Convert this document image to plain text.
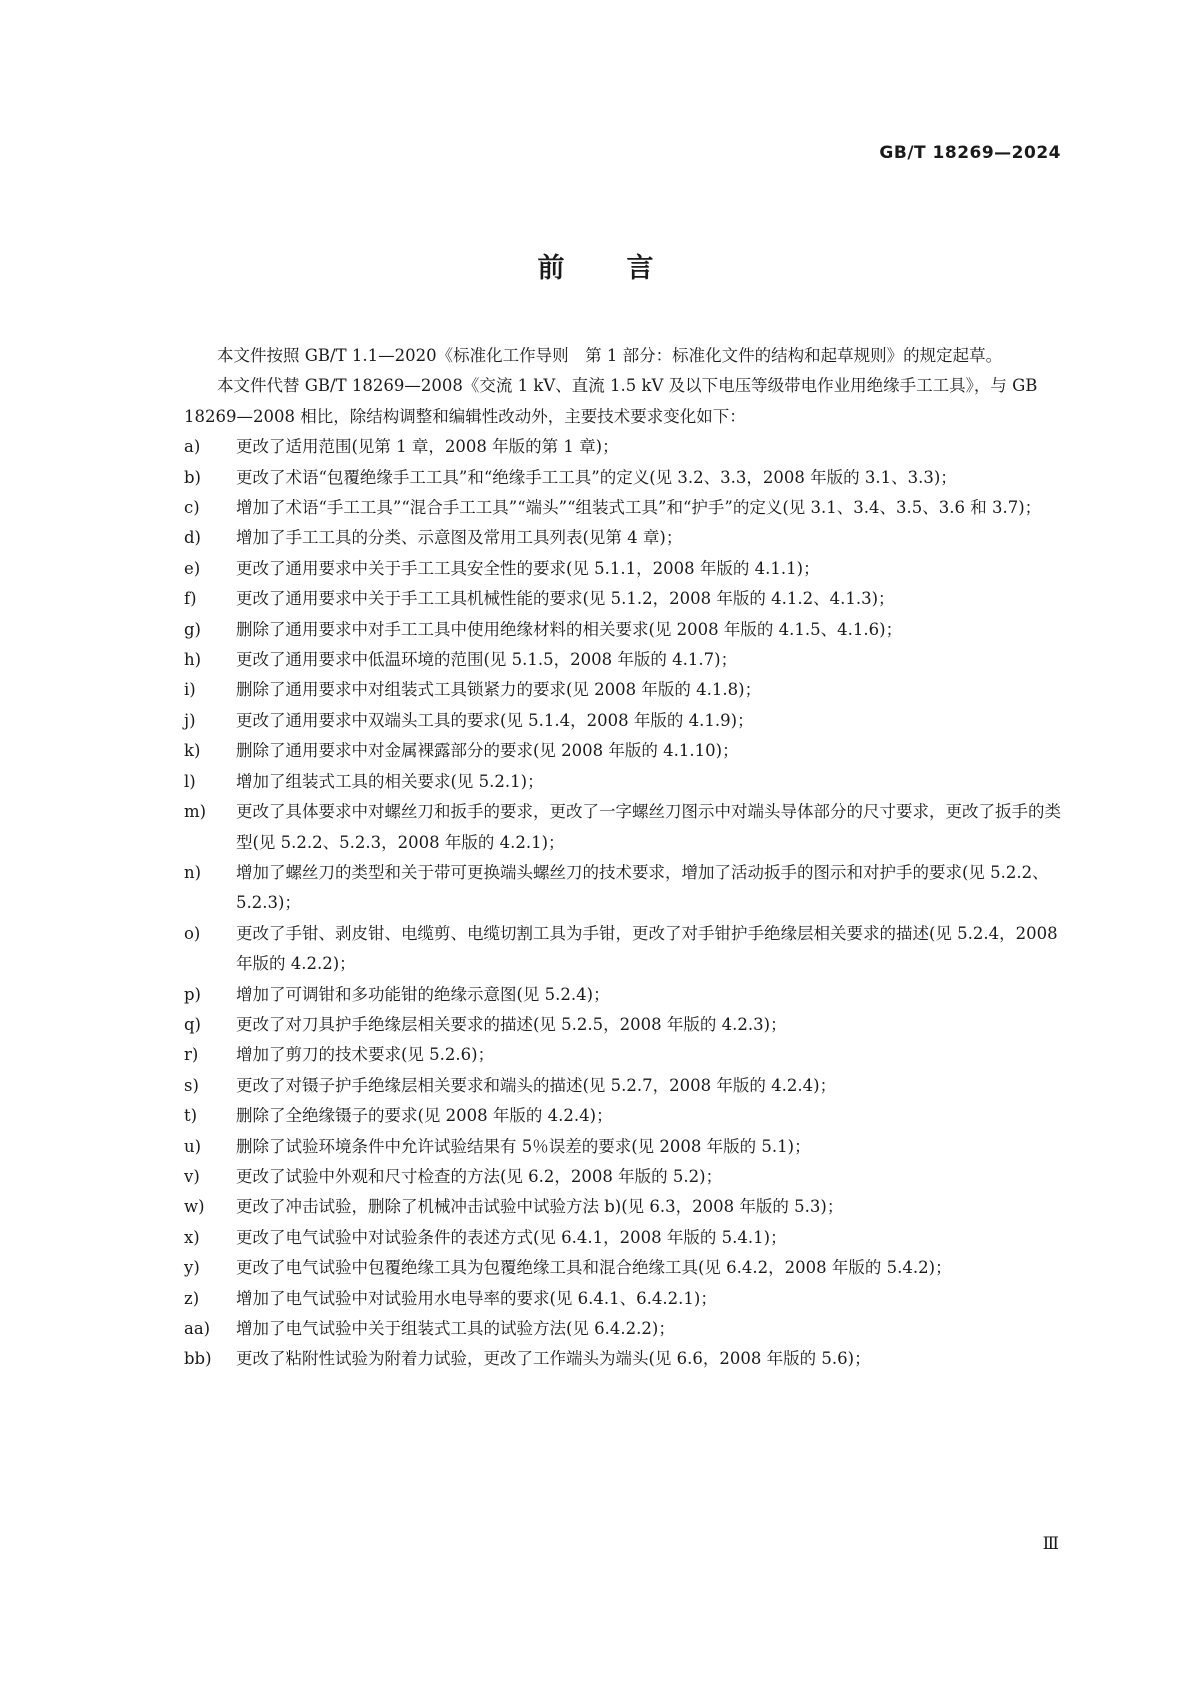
GB/T 18269—2024
前 言

本文件按照 GB/T 1.1—2020《标准化工作导则　第 1 部分：标准化文件的结构和起草规则》的规定起草。

本文件代替 GB/T 18269—2008《交流 1 kV、直流 1.5 kV 及以下电压等级带电作业用绝缘手工工具》，与 GB 18269—2008 相比，除结构调整和编辑性改动外，主要技术要求变化如下：

a) 更改了适用范围(见第 1 章，2008 年版的第 1 章)；
b) 更改了术语“包覆绝缘手工工具”和“绝缘手工工具”的定义(见 3.2、3.3，2008 年版的 3.1、3.3)；
c) 增加了术语“手工工具”“混合手工工具”“端头”“组装式工具”和“护手”的定义(见 3.1、3.4、3.5、3.6 和 3.7)；
d) 增加了手工工具的分类、示意图及常用工具列表(见第 4 章)；
e) 更改了通用要求中关于手工工具安全性的要求(见 5.1.1，2008 年版的 4.1.1)；
f) 更改了通用要求中关于手工工具机械性能的要求(见 5.1.2，2008 年版的 4.1.2、4.1.3)；
g) 删除了通用要求中对手工工具中使用绝缘材料的相关要求(见 2008 年版的 4.1.5、4.1.6)；
h) 更改了通用要求中低温环境的范围(见 5.1.5，2008 年版的 4.1.7)；
i) 删除了通用要求中对组装式工具锁紧力的要求(见 2008 年版的 4.1.8)；
j) 更改了通用要求中双端头工具的要求(见 5.1.4，2008 年版的 4.1.9)；
k) 删除了通用要求中对金属裸露部分的要求(见 2008 年版的 4.1.10)；
l) 增加了组装式工具的相关要求(见 5.2.1)；
m) 更改了具体要求中对螺丝刀和扳手的要求，更改了一字螺丝刀图示中对端头导体部分的尺寸要求，更改了扳手的类型(见 5.2.2、5.2.3，2008 年版的 4.2.1)；
n) 增加了螺丝刀的类型和关于带可更换端头螺丝刀的技术要求，增加了活动扳手的图示和对护手的要求(见 5.2.2、5.2.3)；
o) 更改了手钳、剥皮钳、电缆剪、电缆切割工具为手钳，更改了对手钳护手绝缘层相关要求的描述(见 5.2.4，2008 年版的 4.2.2)；
p) 增加了可调钳和多功能钳的绝缘示意图(见 5.2.4)；
q) 更改了对刀具护手绝缘层相关要求的描述(见 5.2.5，2008 年版的 4.2.3)；
r) 增加了剪刀的技术要求(见 5.2.6)；
s) 更改了对镊子护手绝缘层相关要求和端头的描述(见 5.2.7，2008 年版的 4.2.4)；
t) 删除了全绝缘镊子的要求(见 2008 年版的 4.2.4)；
u) 删除了试验环境条件中允许试验结果有 5％误差的要求(见 2008 年版的 5.1)；
v) 更改了试验中外观和尺寸检查的方法(见 6.2，2008 年版的 5.2)；
w) 更改了冲击试验，删除了机械冲击试验中试验方法 b)(见 6.3，2008 年版的 5.3)；
x) 更改了电气试验中对试验条件的表述方式(见 6.4.1，2008 年版的 5.4.1)；
y) 更改了电气试验中包覆绝缘工具为包覆绝缘工具和混合绝缘工具(见 6.4.2，2008 年版的 5.4.2)；
z) 增加了电气试验中对试验用水电导率的要求(见 6.4.1、6.4.2.1)；
aa) 增加了电气试验中关于组装式工具的试验方法(见 6.4.2.2)；
bb) 更改了粘附性试验为附着力试验，更改了工作端头为端头(见 6.6，2008 年版的 5.6)；
Ⅲ
